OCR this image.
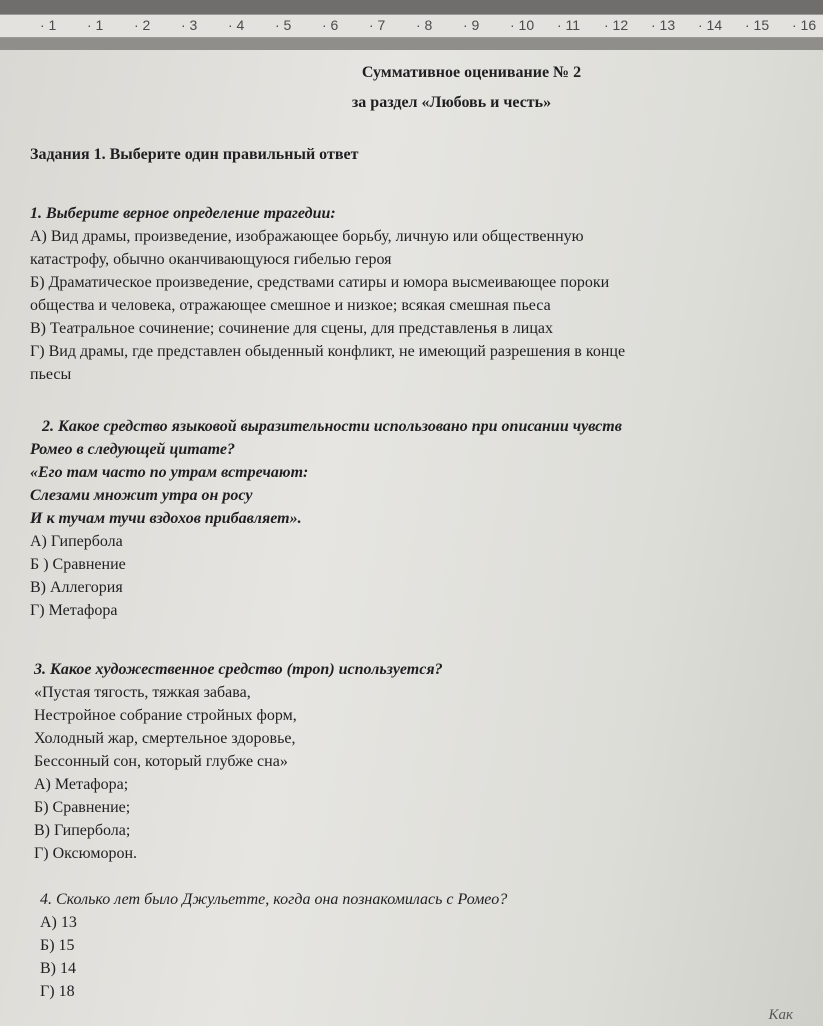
· 1 · 1 · 2 · 3 · 4 · 5 · 6 · 7 · 8 · 9 · 10 · 11 · 12 · 13 · 14 · 15 · 16
Суммативное оценивание № 2
за раздел «Любовь и честь»
Задания 1. Выберите один правильный ответ
1. Выберите верное определение трагедии:
А) Вид драмы, произведение, изображающее борьбу, личную или общественную
катастрофу, обычно оканчивающуюся гибелью героя
Б) Драматическое произведение, средствами сатиры и юмора высмеивающее пороки
общества и человека, отражающее смешное и низкое; всякая смешная пьеса
В) Театральное сочинение; сочинение для сцены, для представленья в лицах
Г) Вид драмы, где представлен обыденный конфликт, не имеющий разрешения в конце
пьесы
2. Какое средство языковой выразительности использовано при описании чувств
Ромео в следующей цитате?
«Его там часто по утрам встречают:
Слезами множит утра он росу
И к тучам тучи вздохов прибавляет».
А) Гипербола
Б ) Сравнение
В) Аллегория
Г) Метафора
3. Какое художественное средство (троп) используется?
«Пустая тягость, тяжкая забава,
Нестройное собрание стройных форм,
Холодный жар, смертельное здоровье,
Бессонный сон, который глубже сна»
А) Метафора;
Б) Сравнение;
В) Гипербола;
Г) Оксюморон.
4. Сколько лет было Джульетте, когда она познакомилась с Ромео?
А) 13
Б) 15
В) 14
Г) 18
Как
